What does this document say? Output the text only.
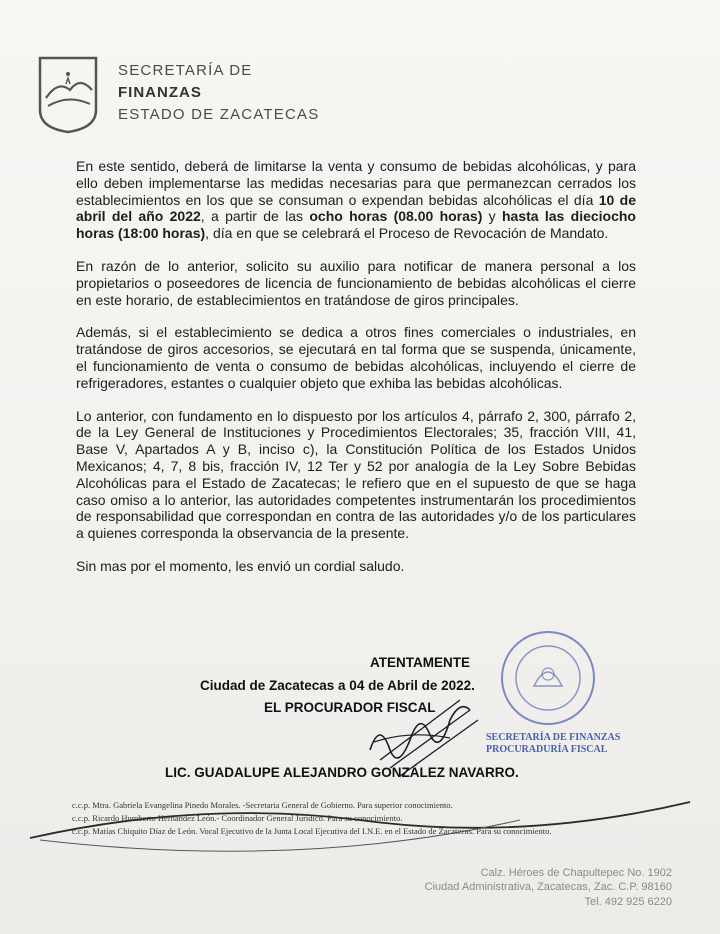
SECRETARÍA DE
FINANZAS
ESTADO DE ZACATECAS

En este sentido, deberá de limitarse la venta y consumo de bebidas alcohólicas, y para ello deben implementarse las medidas necesarias para que permanezcan cerrados los establecimientos en los que se consuman o expendan bebidas alcohólicas el día 10 de abril del año 2022, a partir de las ocho horas (08.00 horas) y hasta las dieciocho horas (18:00 horas), día en que se celebrará el Proceso de Revocación de Mandato.

En razón de lo anterior, solicito su auxilio para notificar de manera personal a los propietarios o poseedores de licencia de funcionamiento de bebidas alcohólicas el cierre en este horario, de establecimientos en tratándose de giros principales.

Además, si el establecimiento se dedica a otros fines comerciales o industriales, en tratándose de giros accesorios, se ejecutará en tal forma que se suspenda, únicamente, el funcionamiento de venta o consumo de bebidas alcohólicas, incluyendo el cierre de refrigeradores, estantes o cualquier objeto que exhiba las bebidas alcohólicas.

Lo anterior, con fundamento en lo dispuesto por los artículos 4, párrafo 2, 300, párrafo 2, de la Ley General de Instituciones y Procedimientos Electorales; 35, fracción VIII, 41, Base V, Apartados A y B, inciso c), la Constitución Política de los Estados Unidos Mexicanos; 4, 7, 8 bis, fracción IV, 12 Ter y 52 por analogía de la Ley Sobre Bebidas Alcohólicas para el Estado de Zacatecas; le refiero que en el supuesto de que se haga caso omiso a lo anterior, las autoridades competentes instrumentarán los procedimientos de responsabilidad que correspondan en contra de las autoridades y/o de los particulares a quienes corresponda la observancia de la presente.

Sin mas por el momento, les envió un cordial saludo.

SECRETARÍA DE FINANZAS
PROCURADURÍA FISCAL
ATENTAMENTE
Ciudad de Zacatecas a 04 de Abril de 2022.
EL PROCURADOR FISCAL
LIC. GUADALUPE ALEJANDRO GONZÁLEZ NAVARRO.
c.c.p. Mtra. Gabriela Evangelina Pinedo Morales. -Secretaria General de Gobierno. Para superior conocimiento.
c.c.p. Ricardo Humberto Hernández León.- Coordinador General Jurídico. Para su conocimiento.
c.c.p. Matías Chiquito Díaz de León. Vocal Ejecutivo de la Junta Local Ejecutiva del I.N.E. en el Estado de Zacatecas. Para su conocimiento.
Calz. Héroes de Chapultepec No. 1902
Ciudad Administrativa, Zacatecas, Zac. C.P. 98160
Tel. 492 925 6220
